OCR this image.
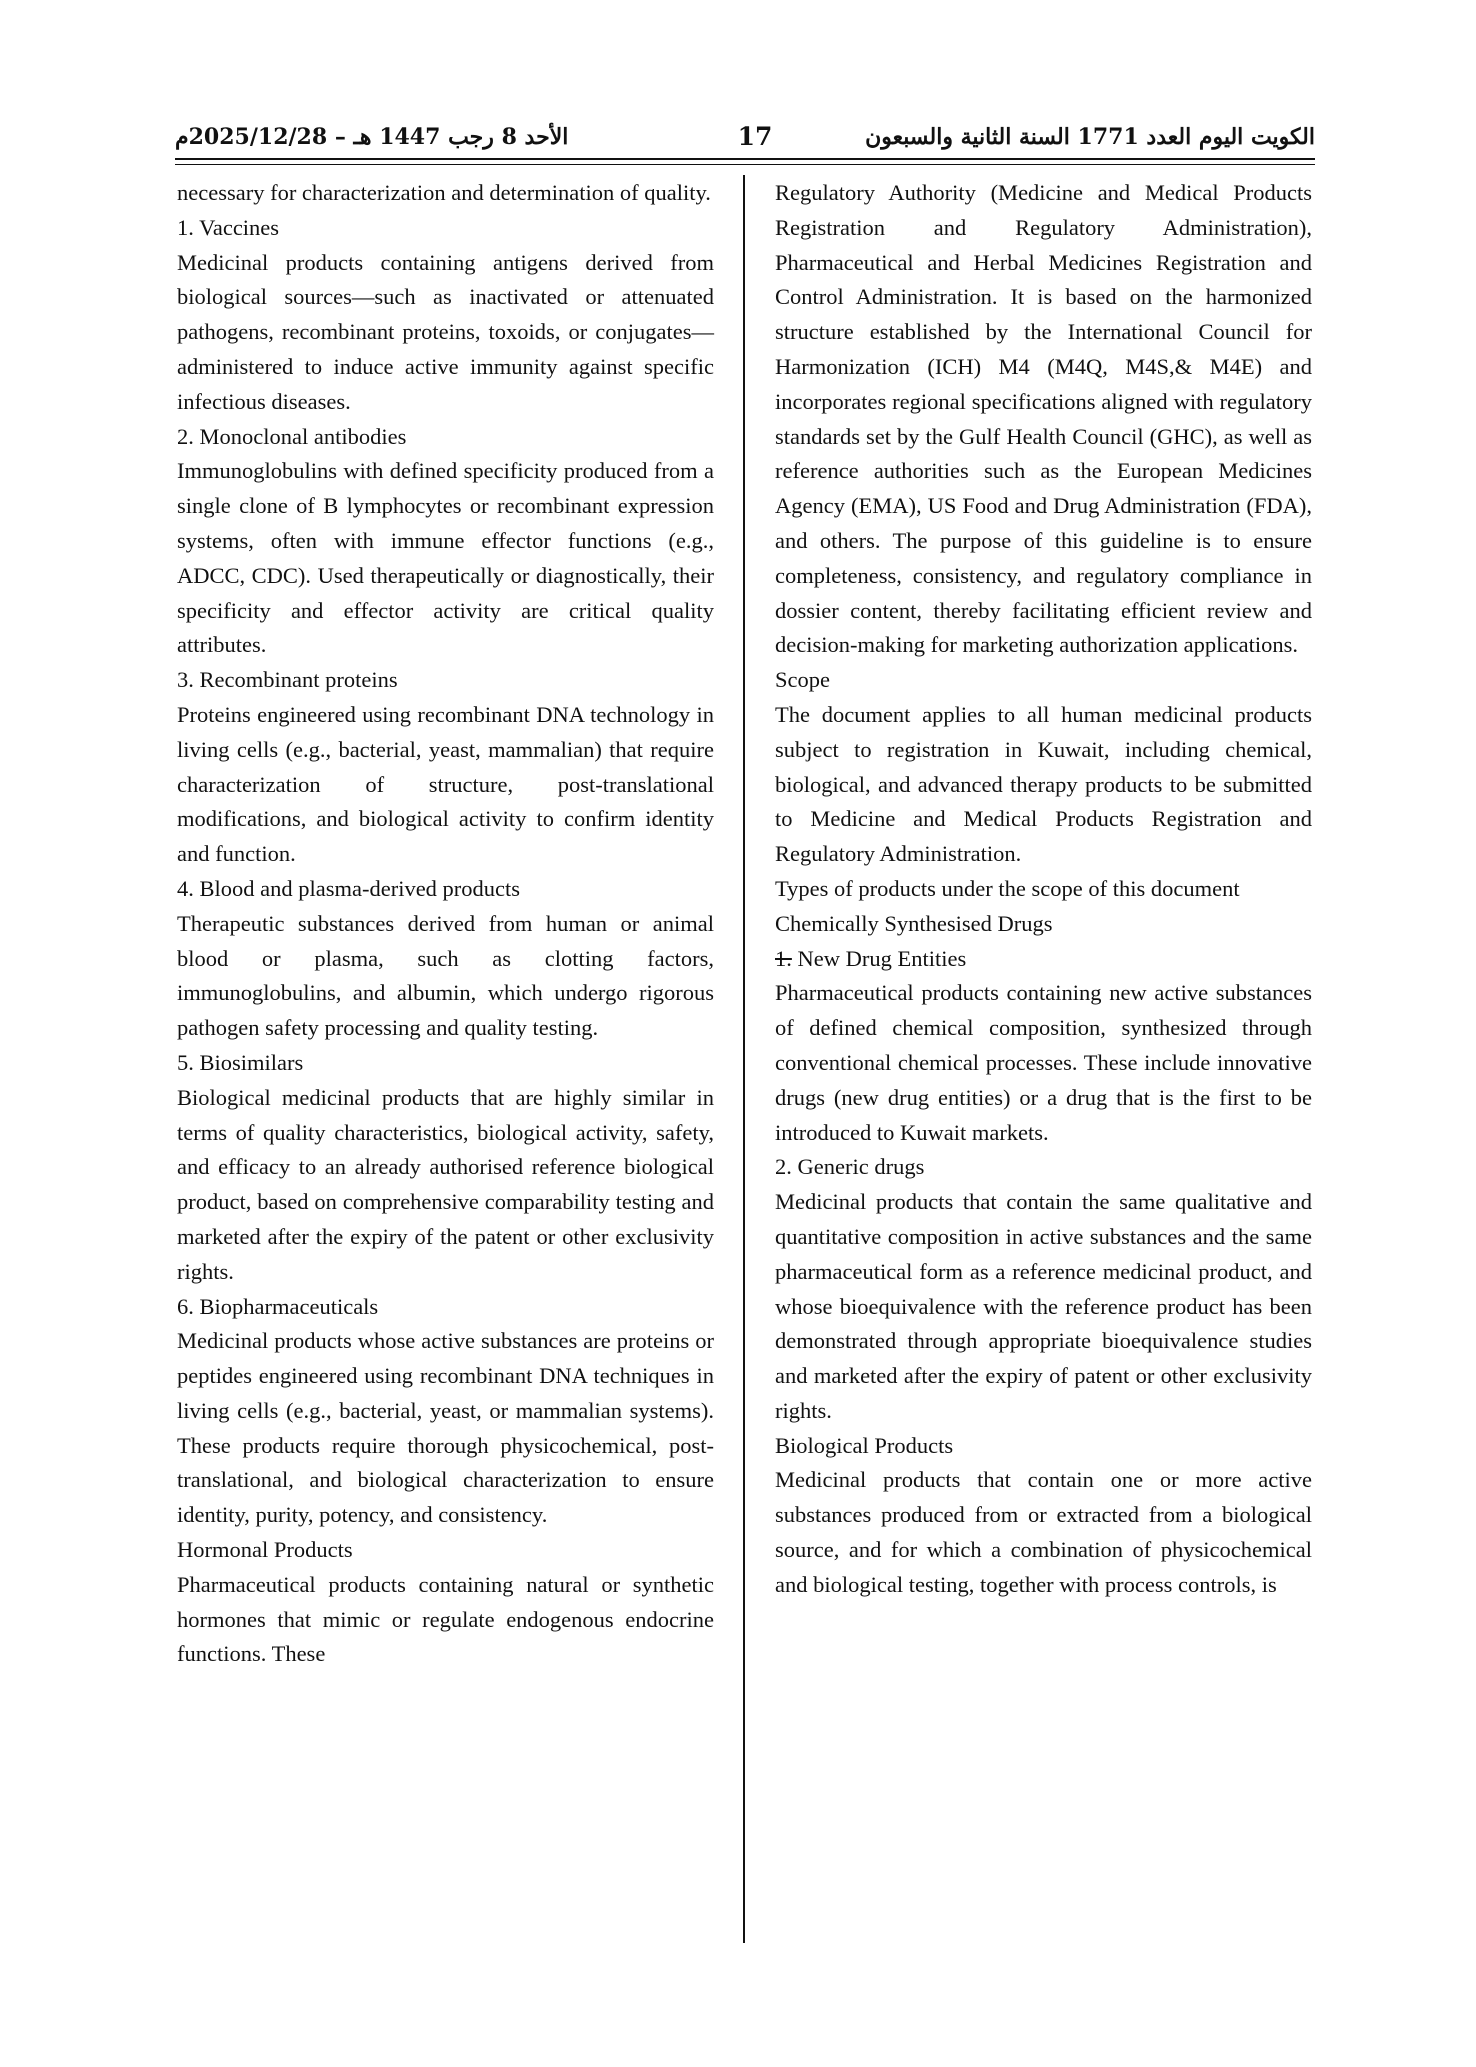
الأحد 8 رجب 1447 هـ – 2025/12/28م	17	الكويت اليوم العدد 1771 السنة الثانية والسبعون

necessary for characterization and determination of quality.

1. Vaccines

Medicinal products containing antigens derived from biological sources—such as inactivated or attenuated pathogens, recombinant proteins, toxoids, or conjugates—administered to induce active immunity against specific infectious diseases.

2. Monoclonal antibodies

Immunoglobulins with defined specificity produced from a single clone of B lymphocytes or recombinant expression systems, often with immune effector functions (e.g., ADCC, CDC). Used therapeutically or diagnostically, their specificity and effector activity are critical quality attributes.

3. Recombinant proteins

Proteins engineered using recombinant DNA technology in living cells (e.g., bacterial, yeast, mammalian) that require characterization of structure, post-translational modifications, and biological activity to confirm identity and function.

4. Blood and plasma-derived products

Therapeutic substances derived from human or animal blood or plasma, such as clotting factors, immunoglobulins, and albumin, which undergo rigorous pathogen safety processing and quality testing.

5. Biosimilars

Biological medicinal products that are highly similar in terms of quality characteristics, biological activity, safety, and efficacy to an already authorised reference biological product, based on comprehensive comparability testing and marketed after the expiry of the patent or other exclusivity rights.

6. Biopharmaceuticals

Medicinal products whose active substances are proteins or peptides engineered using recombinant DNA techniques in living cells (e.g., bacterial, yeast, or mammalian systems). These products require thorough physicochemical, post-translational, and biological characterization to ensure identity, purity, potency, and consistency.

Hormonal Products

Pharmaceutical products containing natural or synthetic hormones that mimic or regulate endogenous endocrine functions. These

Regulatory Authority (Medicine and Medical Products Registration and Regulatory Administration), Pharmaceutical and Herbal Medicines Registration and Control Administration. It is based on the harmonized structure established by the International Council for Harmonization (ICH) M4 (M4Q, M4S,& M4E) and incorporates regional specifications aligned with regulatory standards set by the Gulf Health Council (GHC), as well as reference authorities such as the European Medicines Agency (EMA), US Food and Drug Administration (FDA), and others. The purpose of this guideline is to ensure completeness, consistency, and regulatory compliance in dossier content, thereby facilitating efficient review and decision-making for marketing authorization applications.

Scope

The document applies to all human medicinal products subject to registration in Kuwait, including chemical, biological, and advanced therapy products to be submitted to Medicine and Medical Products Registration and Regulatory Administration.

Types of products under the scope of this document

Chemically Synthesised Drugs

1. New Drug Entities

Pharmaceutical products containing new active substances of defined chemical composition, synthesized through conventional chemical processes. These include innovative drugs (new drug entities) or a drug that is the first to be introduced to Kuwait markets.

2. Generic drugs

Medicinal products that contain the same qualitative and quantitative composition in active substances and the same pharmaceutical form as a reference medicinal product, and whose bioequivalence with the reference product has been demonstrated through appropriate bioequivalence studies and marketed after the expiry of patent or other exclusivity rights.

Biological Products

Medicinal products that contain one or more active substances produced from or extracted from a biological source, and for which a combination of physicochemical and biological testing, together with process controls, is
